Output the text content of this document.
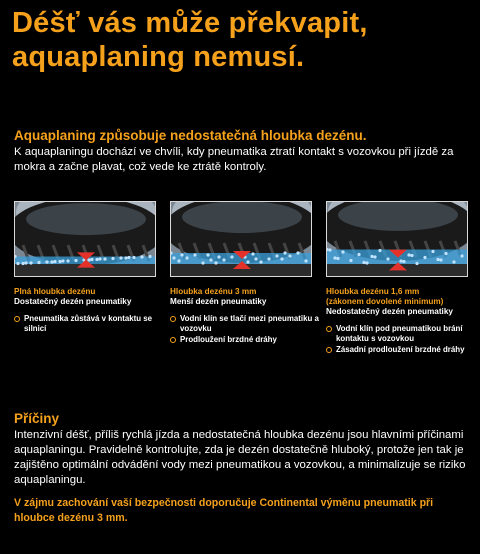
Déšť vás může překvapit,
aquaplaning nemusí.
Aquaplaning způsobuje nedostatečná hloubka dezénu.
K aquaplaningu dochází ve chvíli, kdy pneumatika ztratí kontakt s vozovkou při jízdě za mokra a začne plavat, což vede ke ztrátě kontroly.
Plná hloubka dezénu
Dostatečný dezén pneumatiky
Pneumatika zůstává v kontaktu se silnicí
Hloubka dezénu 3 mm
Menší dezén pneumatiky
Vodní klín se tlačí mezi pneumatiku a vozovku
Prodloužení brzdné dráhy
Hloubka dezénu 1,6 mm
(zákonem dovolené minimum)
Nedostatečný dezén pneumatiky
Vodní klín pod pneumatikou brání kontaktu s vozovkou
Zásadní prodloužení brzdné dráhy
Příčiny
Intenzivní déšť, příliš rychlá jízda a nedostatečná hloubka dezénu jsou hlavními příčinami aquaplaningu. Pravidelně kontrolujte, zda je dezén dostatečně hluboký, protože jen tak je zajištěno optimální odvádění vody mezi pneumatikou a vozovkou, a minimalizuje se riziko aquaplaningu.
V zájmu zachování vaší bezpečnosti doporučuje Continental výměnu pneumatik při hloubce dezénu 3 mm.
